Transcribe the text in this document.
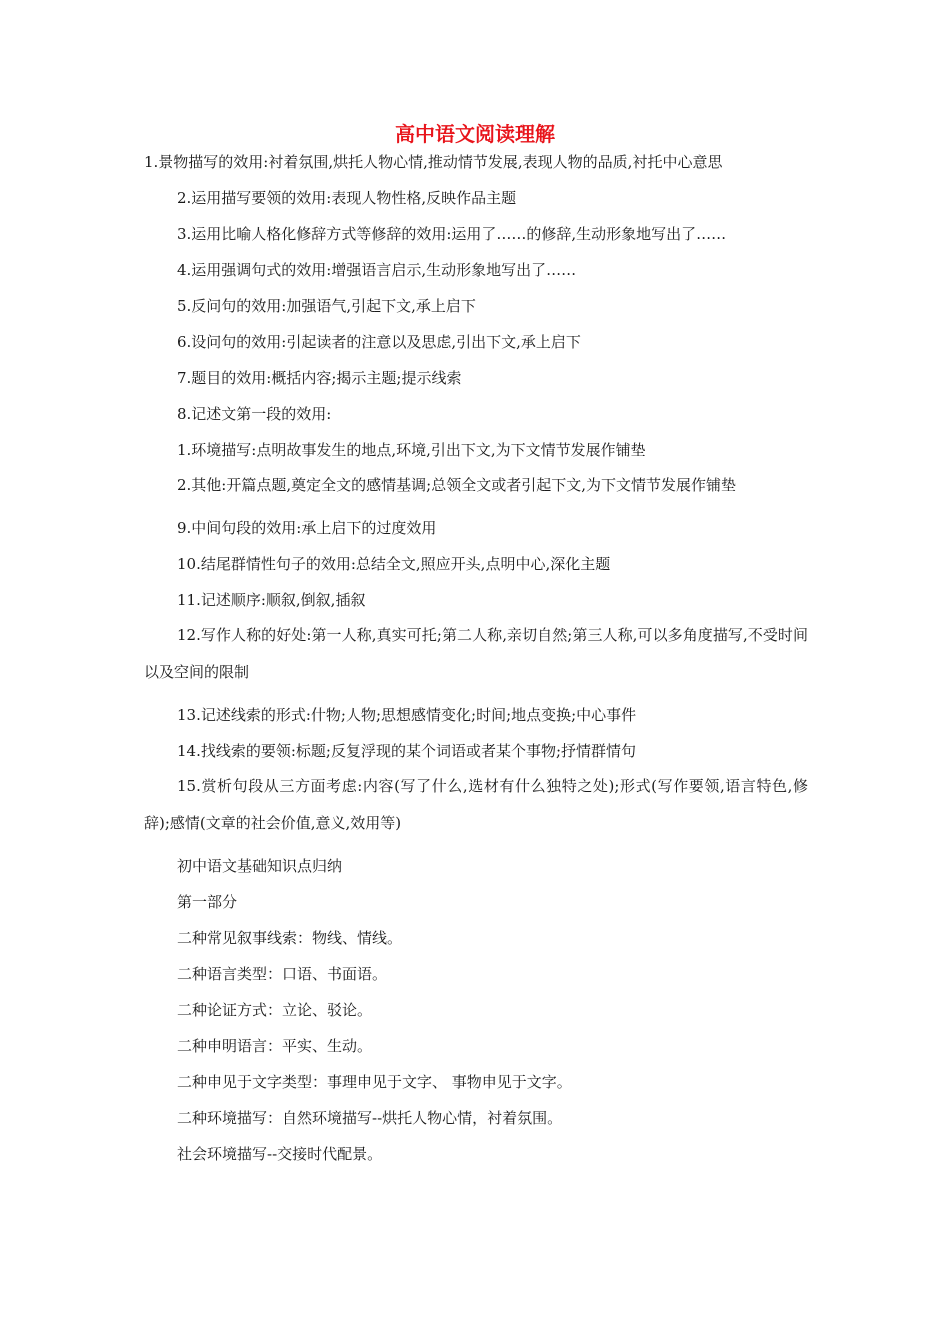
高中语文阅读理解

1.景物描写的效用:衬着氛围,烘托人物心情,推动情节发展,表现人物的品质,衬托中心意思

2.运用描写要领的效用:表现人物性格,反映作品主题

3.运用比喻人格化修辞方式等修辞的效用:运用了……的修辞,生动形象地写出了……

4.运用强调句式的效用:增强语言启示,生动形象地写出了……

5.反问句的效用:加强语气,引起下文,承上启下

6.设问句的效用:引起读者的注意以及思虑,引出下文,承上启下

7.题目的效用:概括内容;揭示主题;提示线索

8.记述文第一段的效用:

1.环境描写:点明故事发生的地点,环境,引出下文,为下文情节发展作铺垫

2.其他:开篇点题,奠定全文的感情基调;总领全文或者引起下文,为下文情节发展作铺垫

9.中间句段的效用:承上启下的过度效用

10.结尾群情性句子的效用:总结全文,照应开头,点明中心,深化主题

11.记述顺序:顺叙,倒叙,插叙

12.写作人称的好处:第一人称,真实可托;第二人称,亲切自然;第三人称,可以多角度描写,不受时间以及空间的限制

13.记述线索的形式:什物;人物;思想感情变化;时间;地点变换;中心事件

14.找线索的要领:标题;反复浮现的某个词语或者某个事物;抒情群情句

15.赏析句段从三方面考虑:内容(写了什么,选材有什么独特之处);形式(写作要领,语言特色,修辞);感情(文章的社会价值,意义,效用等)

初中语文基础知识点归纳

第一部分

二种常见叙事线索：物线、情线。

二种语言类型：口语、书面语。

二种论证方式：立论、驳论。

二种申明语言：平实、生动。

二种申见于文字类型：事理申见于文字、 事物申见于文字。

二种环境描写：自然环境描写--烘托人物心情，衬着氛围。

社会环境描写--交接时代配景。
